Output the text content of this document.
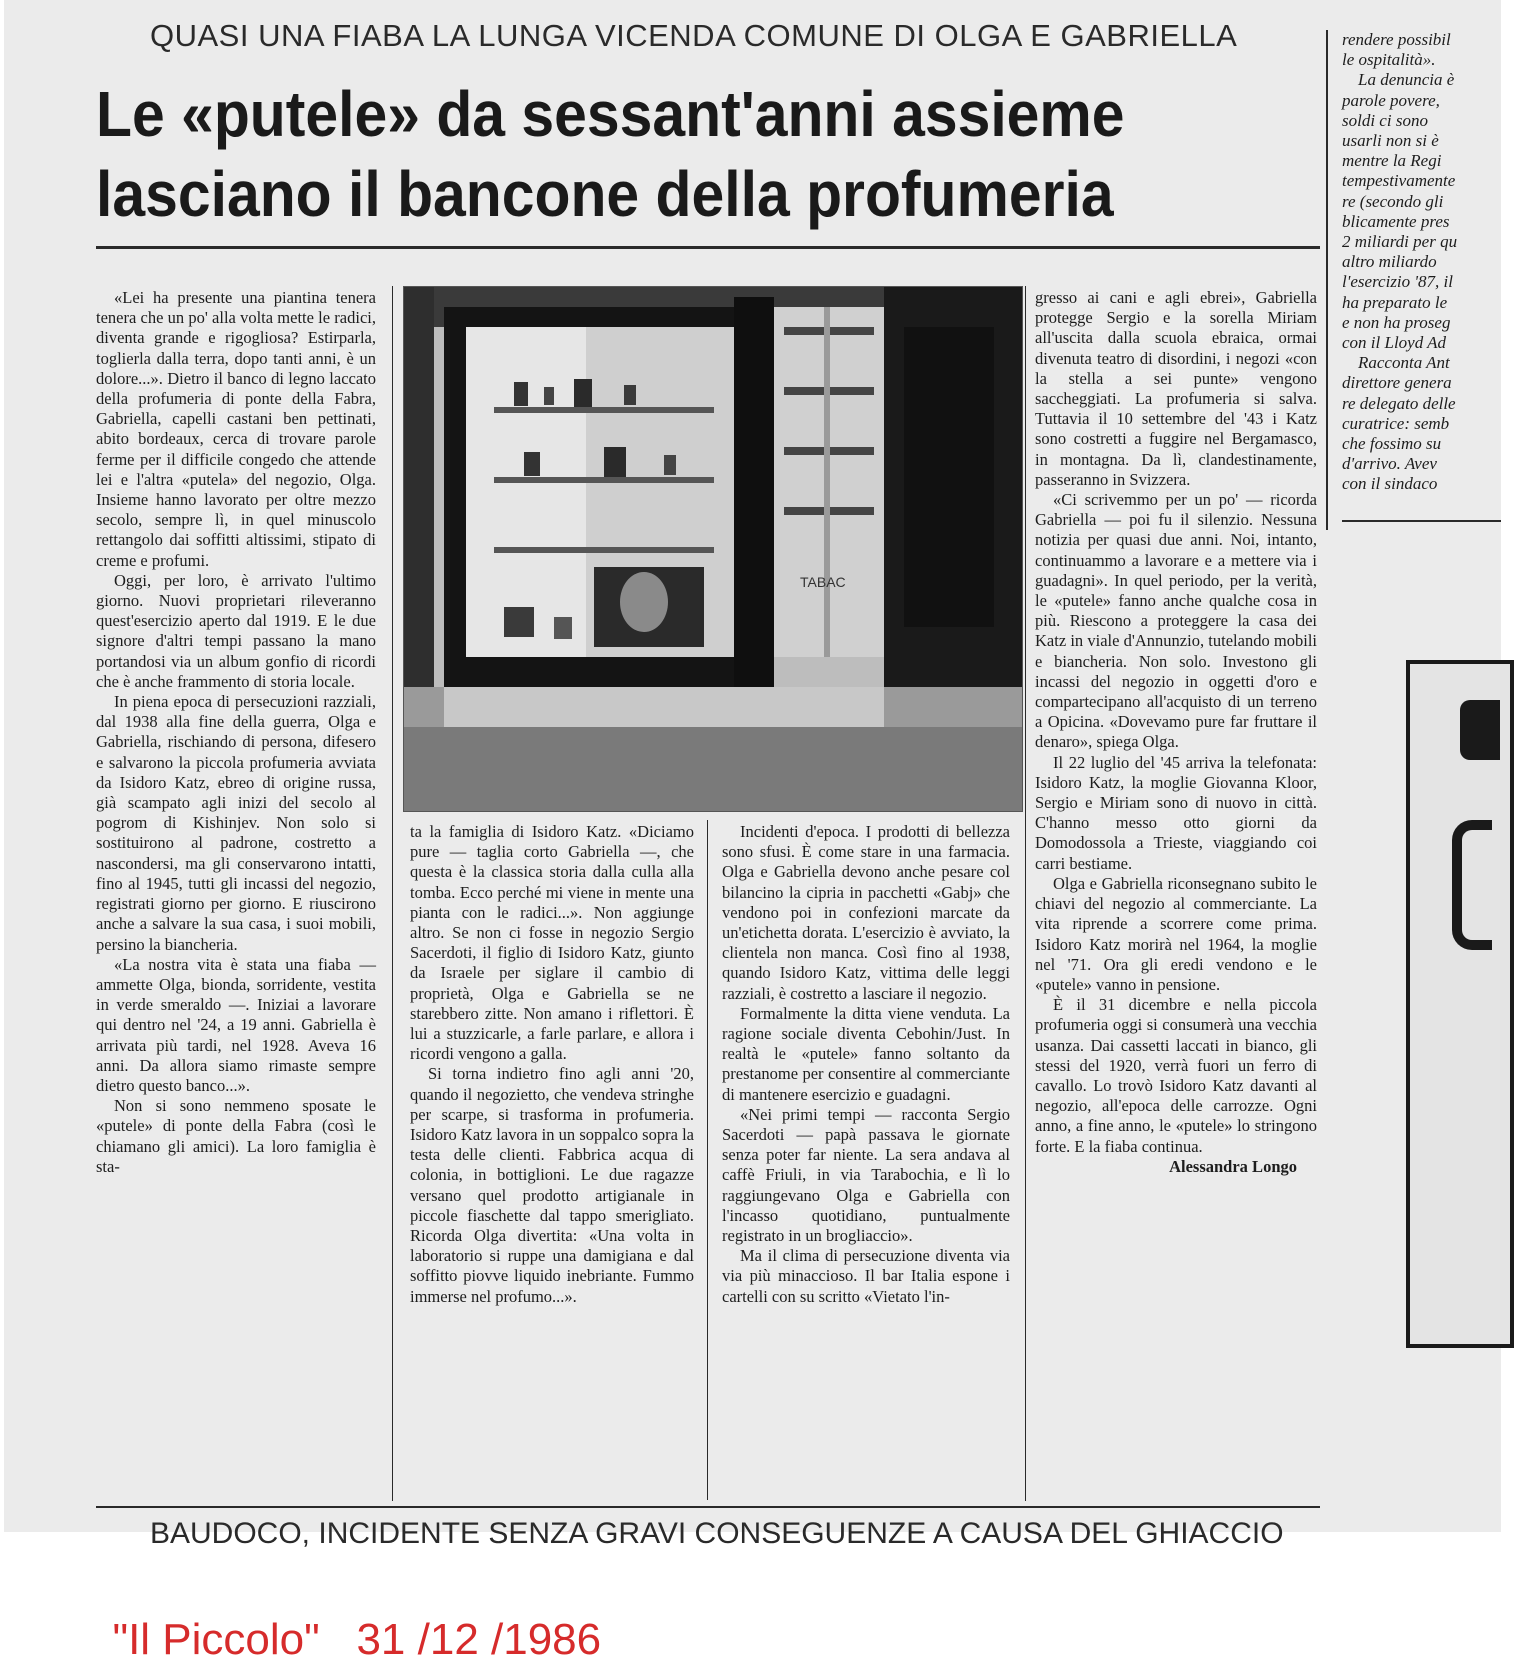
QUASI UNA FIABA LA LUNGA VICENDA COMUNE DI OLGA E GABRIELLA
Le «putele» da sessant'anni assieme
lasciano il bancone della profumeria
rendere possibil
le ospitalità».
La denuncia è
parole povere,
soldi ci sono
usarli non si è
mentre la Regi
tempestivamente
re (secondo gli
blicamente pres
2 miliardi per qu
altro miliardo
l'esercizio '87, il
ha preparato le
e non ha proseg
con il Lloyd Ad
Racconta Ant
direttore genera
re delegato delle
curatrice: semb
che fossimo su
d'arrivo. Avev
con il sindaco
TABAC

«Lei ha presente una piantina tenera tenera che un po' alla volta mette le radici, diventa grande e rigogliosa? Estirparla, toglierla dalla terra, dopo tanti anni, è un dolore...». Dietro il banco di legno laccato della profumeria di ponte della Fabra, Gabriella, capelli castani ben pettinati, abito bordeaux, cerca di trovare parole ferme per il difficile congedo che attende lei e l'altra «putela» del negozio, Olga. Insieme hanno lavorato per oltre mezzo secolo, sempre lì, in quel minuscolo rettangolo dai soffitti altissimi, stipato di creme e profumi.

Oggi, per loro, è arrivato l'ultimo giorno. Nuovi proprietari rileveranno quest'esercizio aperto dal 1919. E le due signore d'altri tempi passano la mano portandosi via un album gonfio di ricordi che è anche frammento di storia locale.

In piena epoca di persecuzioni razziali, dal 1938 alla fine della guerra, Olga e Gabriella, rischiando di persona, difesero e salvarono la piccola profumeria avviata da Isidoro Katz, ebreo di origine russa, già scampato agli inizi del secolo al pogrom di Kishinjev. Non solo si sostituirono al padrone, costretto a nascondersi, ma gli conservarono intatti, fino al 1945, tutti gli incassi del negozio, registrati giorno per giorno. E riuscirono anche a salvare la sua casa, i suoi mobili, persino la biancheria.

«La nostra vita è stata una fiaba — ammette Olga, bionda, sorridente, vestita in verde smeraldo —. Iniziai a lavorare qui dentro nel '24, a 19 anni. Gabriella è arrivata più tardi, nel 1928. Aveva 16 anni. Da allora siamo rimaste sempre dietro questo banco...».

Non si sono nemmeno sposate le «putele» di ponte della Fabra (così le chiamano gli amici). La loro famiglia è sta-

ta la famiglia di Isidoro Katz. «Diciamo pure — taglia corto Gabriella —, che questa è la classica storia dalla culla alla tomba. Ecco perché mi viene in mente una pianta con le radici...». Non aggiunge altro. Se non ci fosse in negozio Sergio Sacerdoti, il figlio di Isidoro Katz, giunto da Israele per siglare il cambio di proprietà, Olga e Gabriella se ne starebbero zitte. Non amano i riflettori. È lui a stuzzicarle, a farle parlare, e allora i ricordi vengono a galla.

Si torna indietro fino agli anni '20, quando il negozietto, che vendeva stringhe per scarpe, si trasforma in profumeria. Isidoro Katz lavora in un soppalco sopra la testa delle clienti. Fabbrica acqua di colonia, in bottiglioni. Le due ragazze versano quel prodotto artigianale in piccole fiaschette dal tappo smerigliato. Ricorda Olga divertita: «Una volta in laboratorio si ruppe una damigiana e dal soffitto piovve liquido inebriante. Fummo immerse nel profumo...».

Incidenti d'epoca. I prodotti di bellezza sono sfusi. È come stare in una farmacia. Olga e Gabriella devono anche pesare col bilancino la cipria in pacchetti «Gabj» che vendono poi in confezioni marcate da un'etichetta dorata. L'esercizio è avviato, la clientela non manca. Così fino al 1938, quando Isidoro Katz, vittima delle leggi razziali, è costretto a lasciare il negozio.

Formalmente la ditta viene venduta. La ragione sociale diventa Cebohin/Just. In realtà le «putele» fanno soltanto da prestanome per consentire al commerciante di mantenere esercizio e guadagni.

«Nei primi tempi — racconta Sergio Sacerdoti — papà passava le giornate senza poter far niente. La sera andava al caffè Friuli, in via Tarabochia, e lì lo raggiungevano Olga e Gabriella con l'incasso quotidiano, puntualmente registrato in un brogliaccio».

Ma il clima di persecuzione diventa via via più minaccioso. Il bar Italia espone i cartelli con su scritto «Vietato l'in-

gresso ai cani e agli ebrei», Gabriella protegge Sergio e la sorella Miriam all'uscita dalla scuola ebraica, ormai divenuta teatro di disordini, i negozi «con la stella a sei punte» vengono saccheggiati. La profumeria si salva. Tuttavia il 10 settembre del '43 i Katz sono costretti a fuggire nel Bergamasco, in montagna. Da lì, clandestinamente, passeranno in Svizzera.

«Ci scrivemmo per un po' — ricorda Gabriella — poi fu il silenzio. Nessuna notizia per quasi due anni. Noi, intanto, continuammo a lavorare e a mettere via i guadagni». In quel periodo, per la verità, le «putele» fanno anche qualche cosa in più. Riescono a proteggere la casa dei Katz in viale d'Annunzio, tutelando mobili e biancheria. Non solo. Investono gli incassi del negozio in oggetti d'oro e compartecipano all'acquisto di un terreno a Opicina. «Dovevamo pure far fruttare il denaro», spiega Olga.

Il 22 luglio del '45 arriva la telefonata: Isidoro Katz, la moglie Giovanna Kloor, Sergio e Miriam sono di nuovo in città. C'hanno messo otto giorni da Domodossola a Trieste, viaggiando coi carri bestiame.

Olga e Gabriella riconsegnano subito le chiavi del negozio al commerciante. La vita riprende a scorrere come prima. Isidoro Katz morirà nel 1964, la moglie nel '71. Ora gli eredi vendono e le «putele» vanno in pensione.

È il 31 dicembre e nella piccola profumeria oggi si consumerà una vecchia usanza. Dai cassetti laccati in bianco, gli stessi del 1920, verrà fuori un ferro di cavallo. Lo trovò Isidoro Katz davanti al negozio, all'epoca delle carrozze. Ogni anno, a fine anno, le «putele» lo stringono forte. E la fiaba continua.

Alessandra Longo

BAUDOCO, INCIDENTE SENZA GRAVI CONSEGUENZE A CAUSA DEL GHIACCIO

"Il Piccolo" 31 /12 /1986
